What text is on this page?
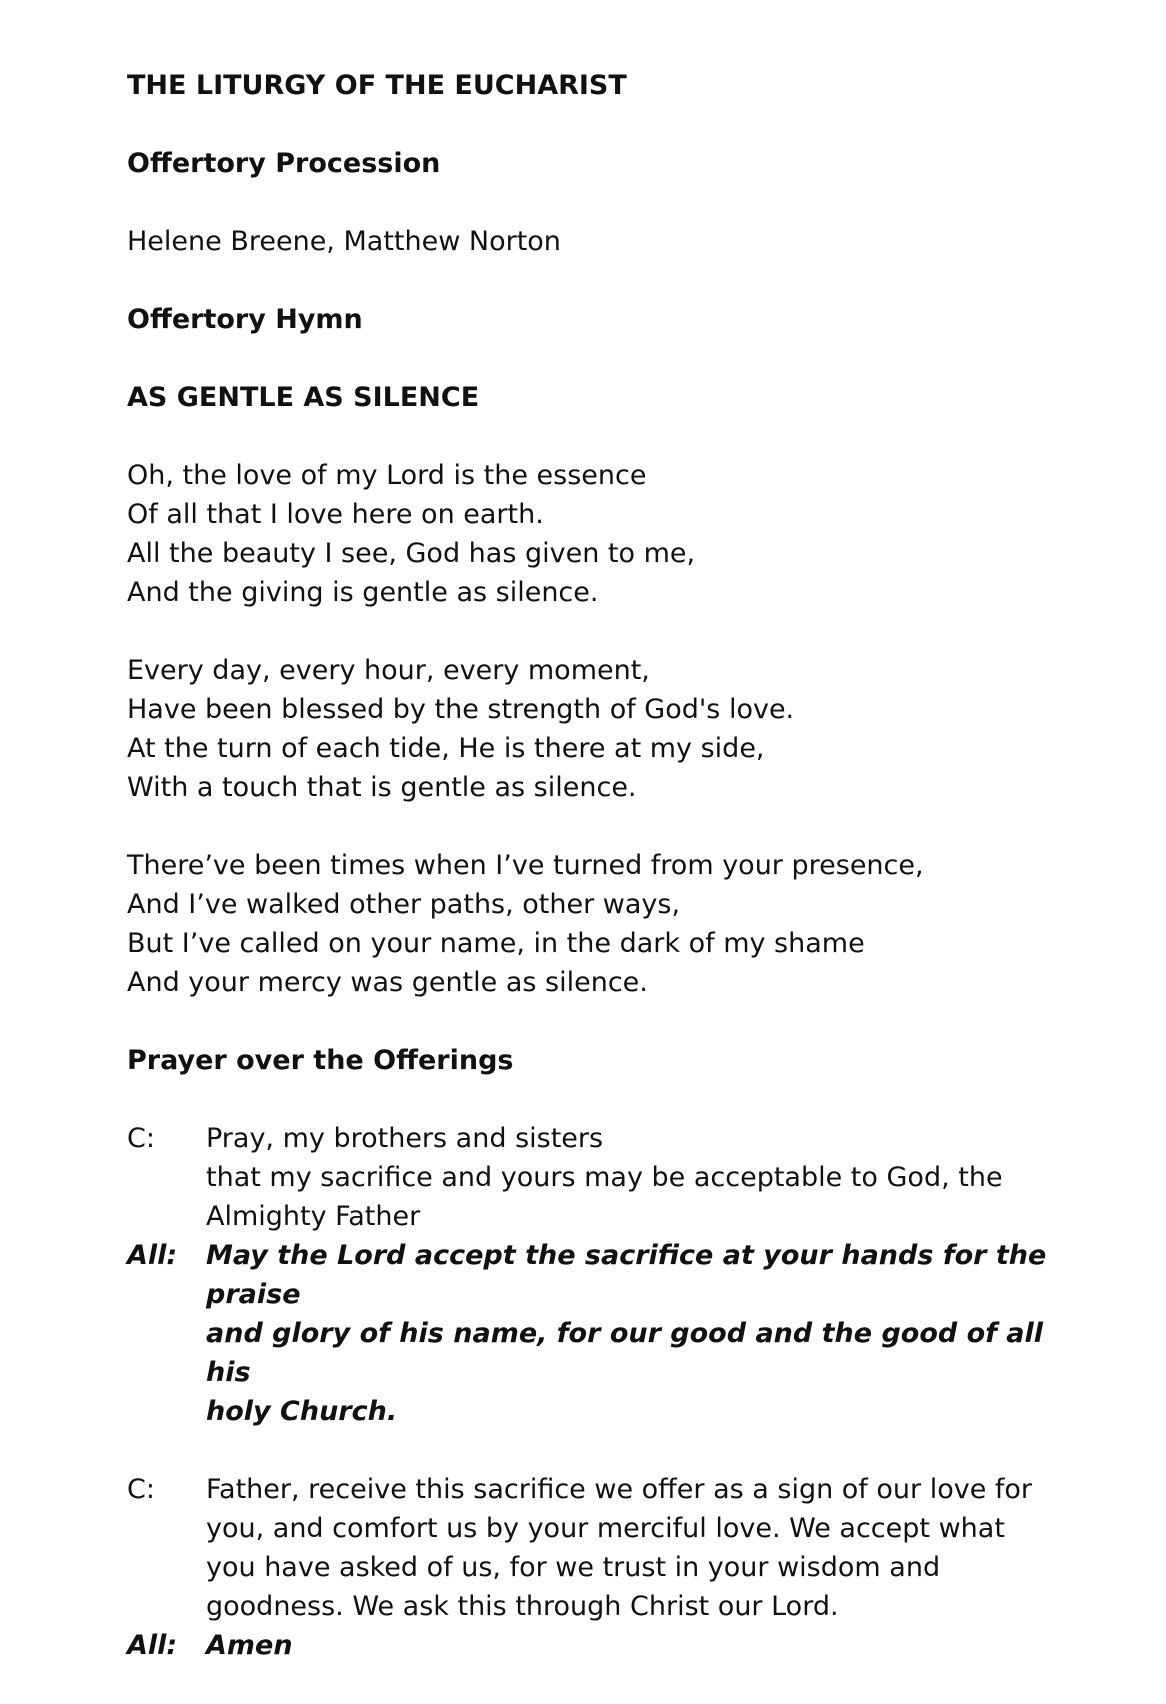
THE LITURGY OF THE EUCHARIST
Offertory Procession
Helene Breene, Matthew Norton
Offertory Hymn
AS GENTLE AS SILENCE
Oh, the love of my Lord is the essence
Of all that I love here on earth.
All the beauty I see, God has given to me,
And the giving is gentle as silence.
Every day, every hour, every moment,
Have been blessed by the strength of God's love.
At the turn of each tide, He is there at my side,
With a touch that is gentle as silence.
There’ve been times when I’ve turned from your presence,
And I’ve walked other paths, other ways,
But I’ve called on your name, in the dark of my shame
And your mercy was gentle as silence.
Prayer over the Offerings
C:	Pray, my brothers and sisters
that my sacrifice and yours may be acceptable to God, the
Almighty Father
All:	May the Lord accept the sacrifice at your hands for the praise
and glory of his name, for our good and the good of all his
holy Church.
C:	Father, receive this sacrifice we offer as a sign of our love for
you, and comfort us by your merciful love. We accept what
you have asked of us, for we trust in your wisdom and
goodness. We ask this through Christ our Lord.
All:	Amen
